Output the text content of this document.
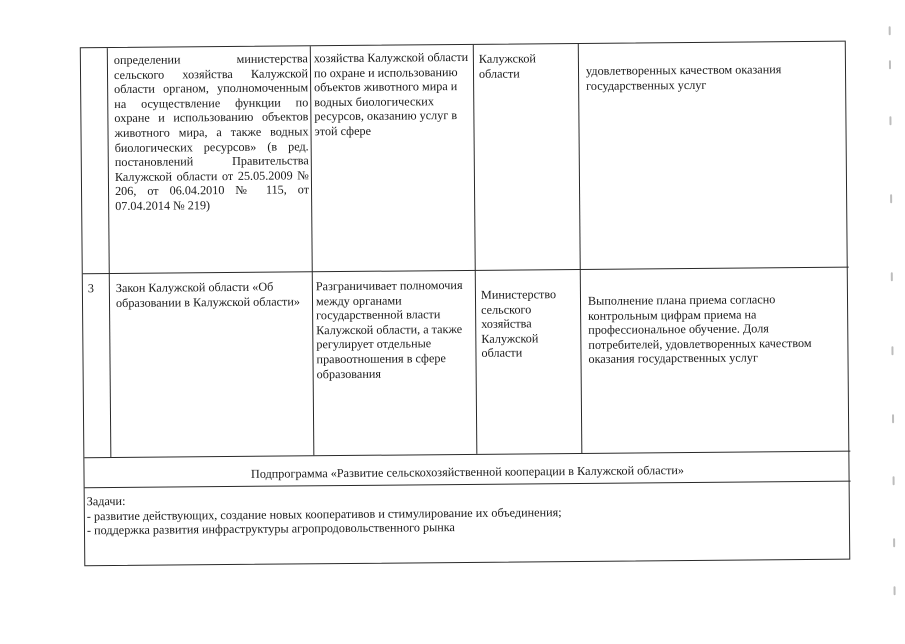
определении министерства сельского хозяйства Калужской области органом, уполномоченным на осуществление функции по охране и использованию объектов животного мира, а также водных биологических ресурсов» (в ред. постановлений Правительства Калужской области от 25.05.2009 № 206, от 06.04.2010 № 115, от 07.04.2014 № 219)
хозяйства Калужской области по охране и использованию объектов животного мира и водных биологических ресурсов, оказанию услуг в этой сфере
Калужской области	удовлетворенных качеством оказания государственных услуг
3	Закон Калужской области «Об образовании в Калужской области»
Разграничивает полномочия между органами государственной власти Калужской области, а также регулирует отдельные правоотношения в сфере образования
Министерство сельского хозяйства Калужской области
Выполнение плана приема согласно контрольным цифрам приема на профессиональное обучение. Доля потребителей, удовлетворенных качеством оказания государственных услуг
Подпрограмма «Развитие сельскохозяйственной кооперации в Калужской области»
Задачи:
- развитие действующих, создание новых кооперативов и стимулирование их объединения;
- поддержка развития инфраструктуры агропродовольственного рынка
